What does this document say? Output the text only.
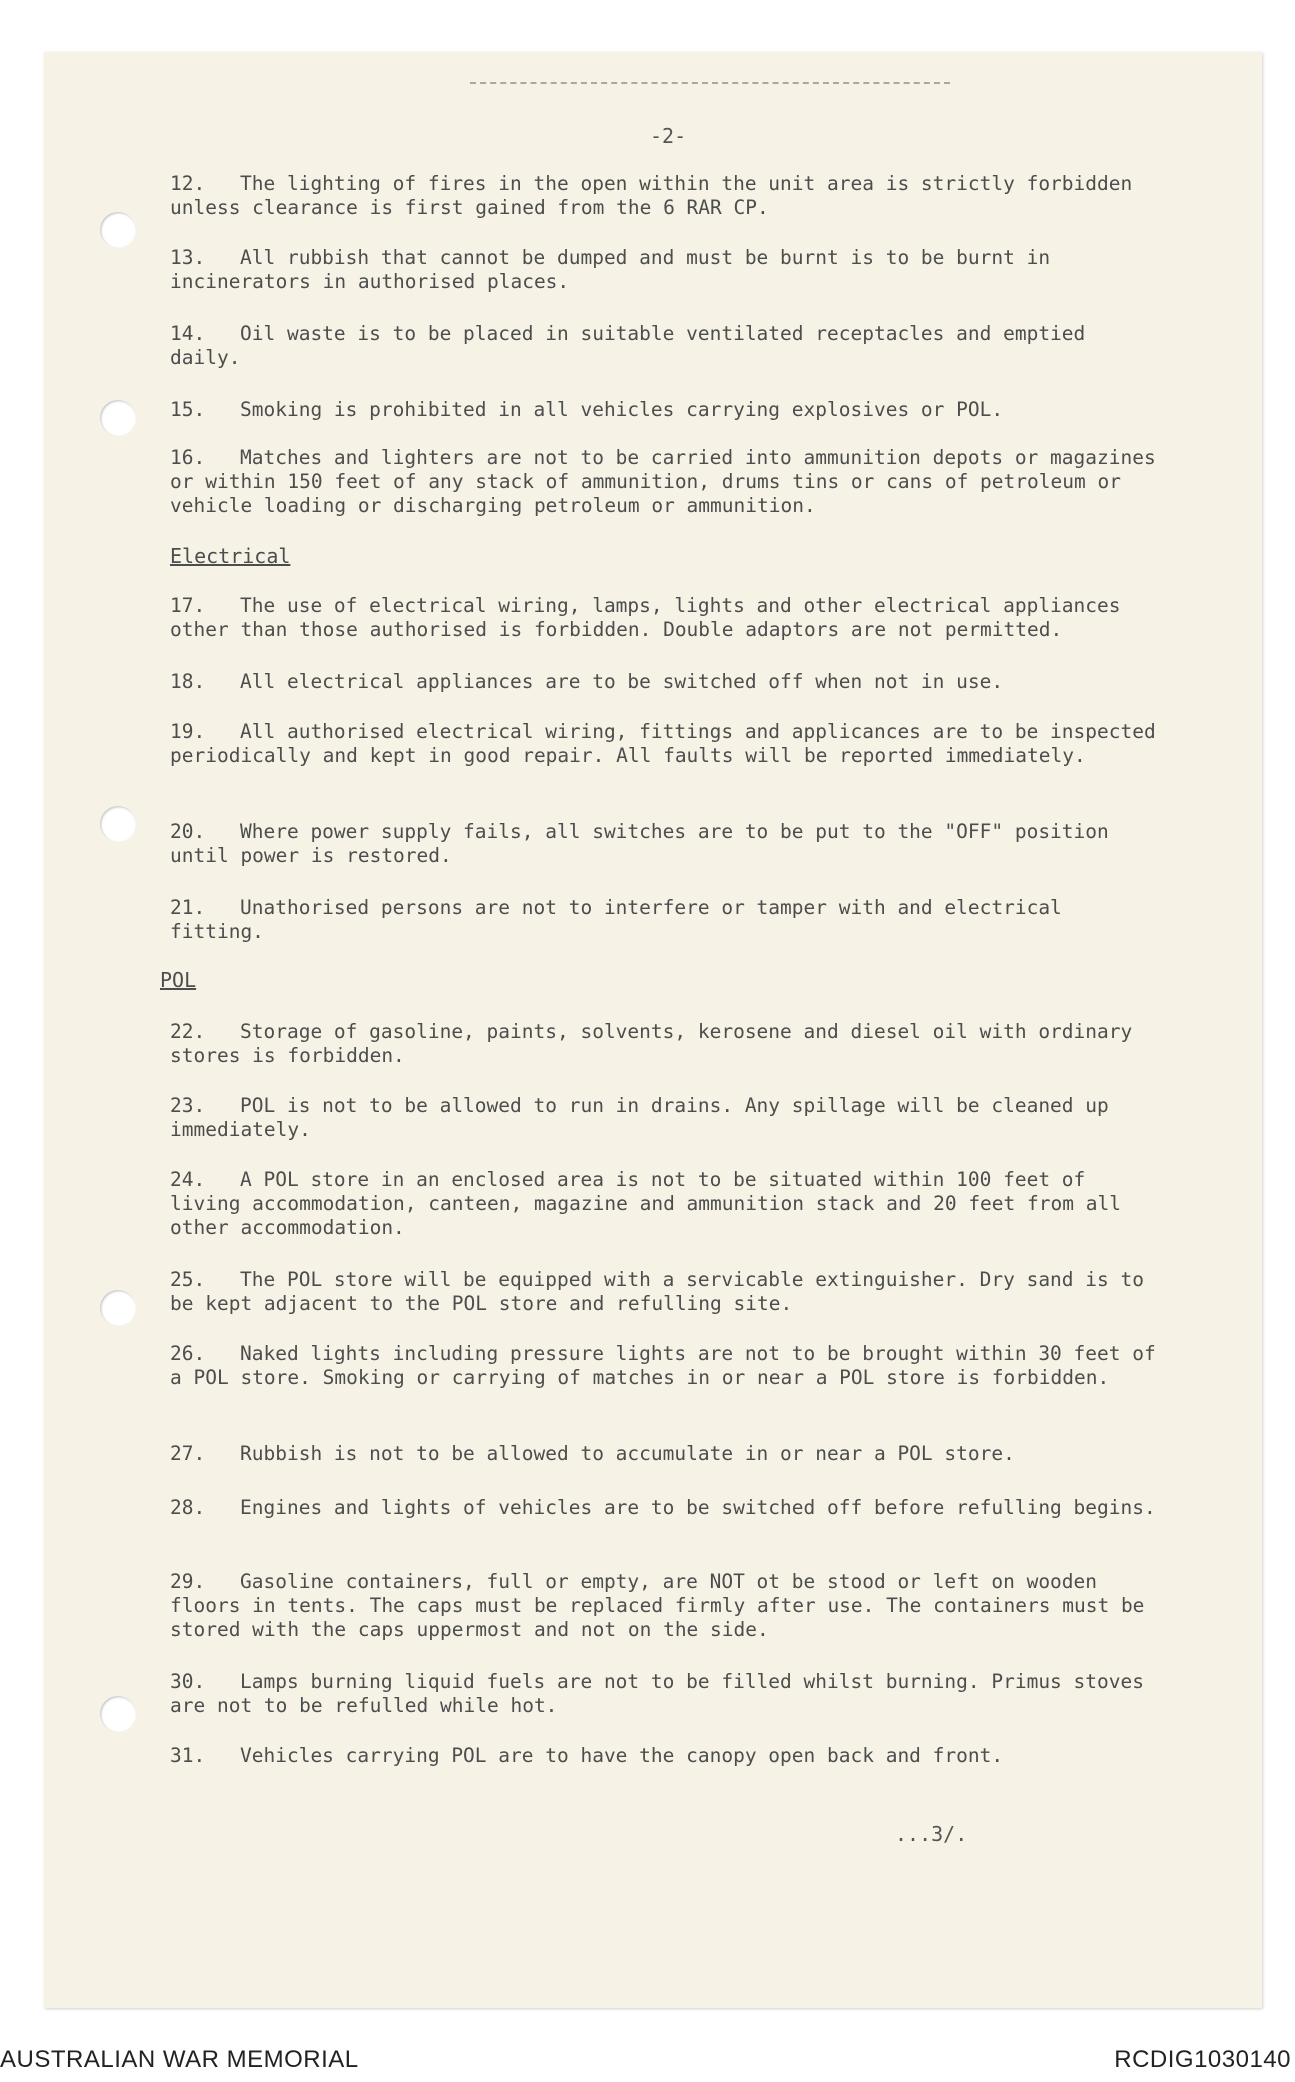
-2-
12. The lighting of fires in the open within the unit area is strictly forbidden unless clearance is first gained from the 6 RAR CP.
13. All rubbish that cannot be dumped and must be burnt is to be burnt in incinerators in authorised places.
14. Oil waste is to be placed in suitable ventilated receptacles and emptied daily.
15. Smoking is prohibited in all vehicles carrying explosives or POL.
16. Matches and lighters are not to be carried into ammunition depots or magazines or within 150 feet of any stack of ammunition, drums tins or cans of petroleum or vehicle loading or discharging petroleum or ammunition.
Electrical
17. The use of electrical wiring, lamps, lights and other electrical appliances other than those authorised is forbidden. Double adaptors are not permitted.
18. All electrical appliances are to be switched off when not in use.
19. All authorised electrical wiring, fittings and applicances are to be inspected periodically and kept in good repair. All faults will be reported immediately.
20. Where power supply fails, all switches are to be put to the "OFF" position until power is restored.
21. Unathorised persons are not to interfere or tamper with and electrical fitting.
POL
22. Storage of gasoline, paints, solvents, kerosene and diesel oil with ordinary stores is forbidden.
23. POL is not to be allowed to run in drains. Any spillage will be cleaned up immediately.
24. A POL store in an enclosed area is not to be situated within 100 feet of living accommodation, canteen, magazine and ammunition stack and 20 feet from all other accommodation.
25. The POL store will be equipped with a servicable extinguisher. Dry sand is to be kept adjacent to the POL store and refulling site.
26. Naked lights including pressure lights are not to be brought within 30 feet of a POL store. Smoking or carrying of matches in or near a POL store is forbidden.
27. Rubbish is not to be allowed to accumulate in or near a POL store.
28. Engines and lights of vehicles are to be switched off before refulling begins.
29. Gasoline containers, full or empty, are NOT ot be stood or left on wooden floors in tents. The caps must be replaced firmly after use. The containers must be stored with the caps uppermost and not on the side.
30. Lamps burning liquid fuels are not to be filled whilst burning. Primus stoves are not to be refulled while hot.
31. Vehicles carrying POL are to have the canopy open back and front.
...3/.
AUSTRALIAN WAR MEMORIAL	RCDIG1030140
